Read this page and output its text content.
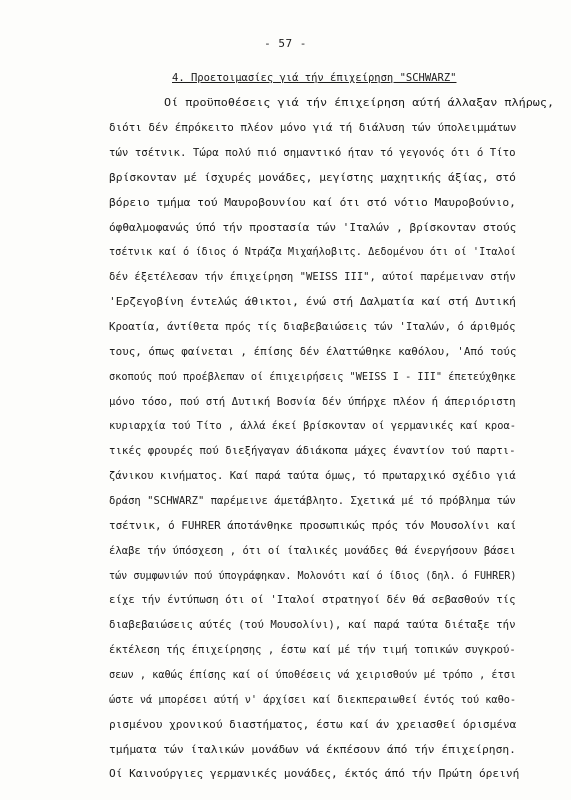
- 57 -
4. Προετοιμασίες γιά τήν έπιχείρηση "SCHWARZ"
Οί προϋποθέσεις γιά τήν έπιχείρηση αύτή άλλαξαν πλήρως,
διότι δέν έπρόκειτο πλέον μόνο γιά τή διάλυση τών ύπολειμμάτων
τών τσέτνικ. Τώρα πολύ πιό σημαντικό ήταν τό γεγονός ότι ό Τίτο
βρίσκονταν μέ ίσχυρές μονάδες, μεγίστης μαχητικής άξίας, στό
βόρειο τμήμα τού Μαυροβουνίου καί ότι στό νότιο Μαυροβούνιο,
όφθαλμοφανώς ύπό τήν προστασία τών 'Ιταλών , βρίσκονταν στούς
τσέτνικ καί ό ίδιος ό Ντράζα Μιχαήλοβιτς. Δεδομένου ότι οί 'Ιταλοί
δέν έξετέλεσαν τήν έπιχείρηση "WEISS III", αύτοί παρέμειναν στήν
'Ερζεγοβίνη έντελώς άθικτοι, ένώ στή Δαλματία καί στή Δυτική
Κροατία, άντίθετα πρός τίς διαβεβαιώσεις τών 'Ιταλών, ό άριθμός
τους, όπως φαίνεται , έπίσης δέν έλαττώθηκε καθόλου, 'Από τούς
σκοπούς πού προέβλεπαν οί έπιχειρήσεις "WEISS I - III" έπετεύχθηκε
μόνο τόσο, πού στή Δυτική Βοσνία δέν ύπήρχε πλέον ή άπεριόριστη
κυριαρχία τού Τίτο , άλλά έκεί βρίσκονταν οί γερμανικές καί κροα-
τικές φρουρές πού διεξήγαγαν άδιάκοπα μάχες έναντίον τού παρτι-
ζάνικου κινήματος. Καί παρά ταύτα όμως, τό πρωταρχικό σχέδιο γιά
δράση "SCHWARZ" παρέμεινε άμετάβλητο. Σχετικά μέ τό πρόβλημα τών
τσέτνικ, ό FUHRER άποτάνθηκε προσωπικώς πρός τόν Μουσολίνι καί
έλαβε τήν ύπόσχεση , ότι οί ίταλικές μονάδες θά ένεργήσουν βάσει
τών συμφωνιών πού ύπογράφηκαν. Μολονότι καί ό ίδιος (δηλ. ό FUHRER)
είχε τήν έντύπωση ότι οί 'Ιταλοί στρατηγοί δέν θά σεβασθούν τίς
διαβεβαιώσεις αύτές (τού Μουσολίνι), καί παρά ταύτα διέταξε τήν
έκτέλεση τής έπιχείρησης , έστω καί μέ τήν τιμή τοπικών συγκρού-
σεων , καθώς έπίσης καί οί ύποθέσεις νά χειρισθούν μέ τρόπο , έτσι
ώστε νά μπορέσει αύτή ν' άρχίσει καί διεκπεραιωθεί έντός τού καθο-
ρισμένου χρονικού διαστήματος, έστω καί άν χρειασθεί όρισμένα
τμήματα τών ίταλικών μονάδων νά έκπέσουν άπό τήν έπιχείρηση.
Οί Καινούργιες γερμανικές μονάδες, έκτός άπό τήν Πρώτη όρεινή
